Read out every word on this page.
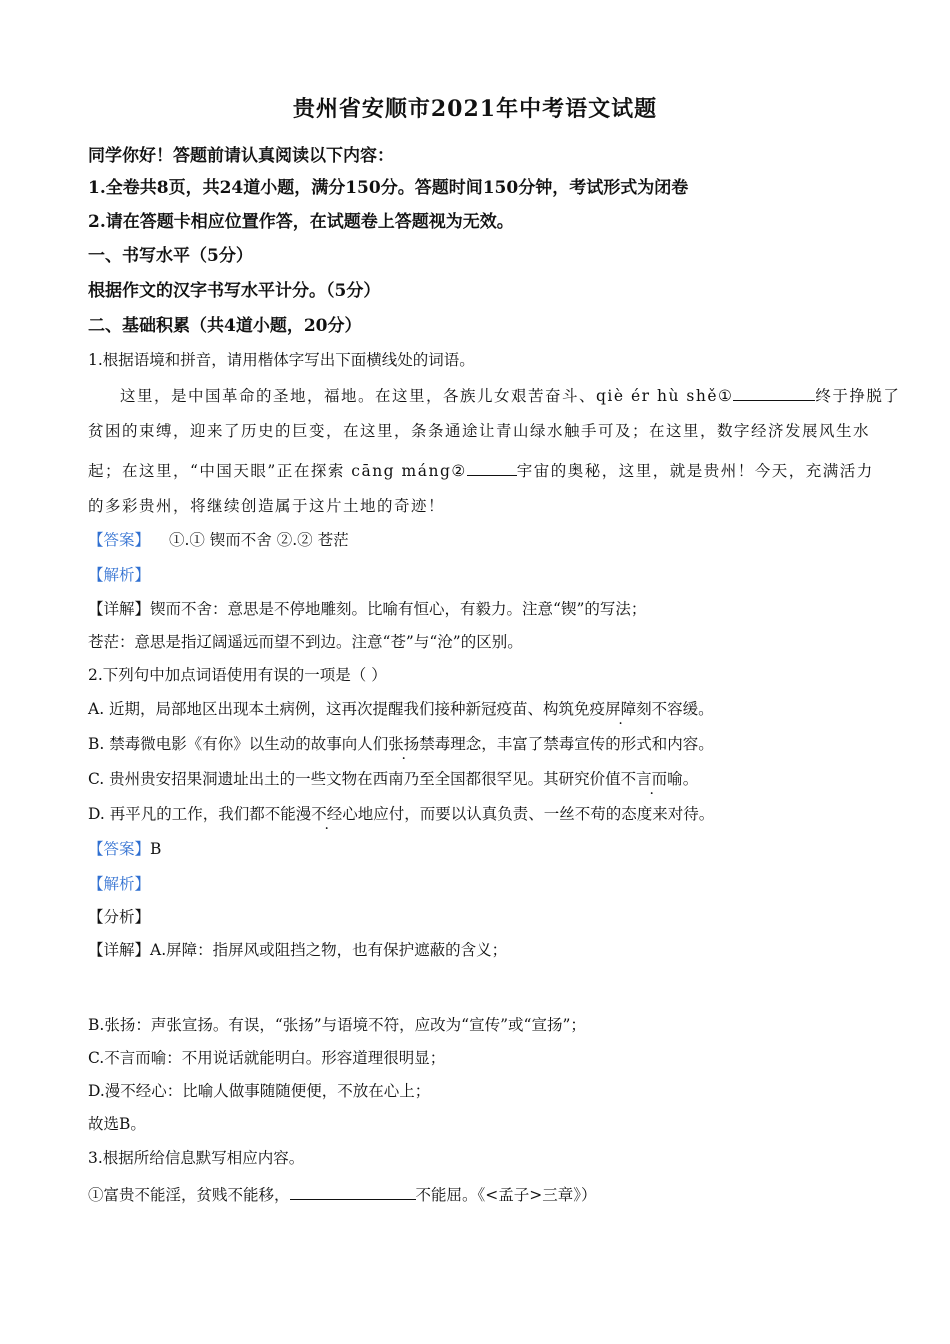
贵州省安顺市2021年中考语文试题
同学你好！答题前请认真阅读以下内容：
1.全卷共8页，共24道小题，满分150分。答题时间150分钟，考试形式为闭卷
2.请在答题卡相应位置作答，在试题卷上答题视为无效。
一、书写水平（5分）
根据作文的汉字书写水平计分。（5分）
二、基础积累（共4道小题，20分）
1.根据语境和拼音，请用楷体字写出下面横线处的词语。
这里，是中国革命的圣地，福地。在这里，各族儿女艰苦奋斗、qiè ér hù shě①	终于挣脱了
贫困的束缚，迎来了历史的巨变，在这里，条条通途让青山绿水触手可及；在这里，数字经济发展风生水
起；在这里，“中国天眼”正在探索 cāng máng②	宇宙的奥秘，这里，就是贵州！今天，充满活力
的多彩贵州，将继续创造属于这片土地的奇迹！
【答案】 ①.① 锲而不舍 ②.② 苍茫
【解析】
【详解】锲而不舍：意思是不停地雕刻。比喻有恒心，有毅力。注意“锲”的写法；
苍茫：意思是指辽阔遥远而望不到边。注意“苍”与“沧”的区别。
2.下列句中加点词语使用有误的一项是（ ）
A. 近期，局部地区出现本土病例，这再次提醒我们接种新冠疫苗、构筑免疫屏障刻不容缓。
B. 禁毒微电影《有你》以生动的故事向人们张扬禁毒理念，丰富了禁毒宣传的形式和内容。
C. 贵州贵安招果洞遗址出土的一些文物在西南乃至全国都很罕见。其研究价值不言而喻。
D. 再平凡的工作，我们都不能漫不经心地应付，而要以认真负责、一丝不苟的态度来对待。
【答案】B
【解析】
【分析】
【详解】A.屏障：指屏风或阻挡之物，也有保护遮蔽的含义；
B.张扬：声张宣扬。有误，“张扬”与语境不符，应改为“宣传”或“宣扬”；
C.不言而喻：不用说话就能明白。形容道理很明显；
D.漫不经心：比喻人做事随随便便，不放在心上；
故选B。
3.根据所给信息默写相应内容。
①富贵不能淫，贫贱不能移，	不能屈。《<孟子>三章》）
